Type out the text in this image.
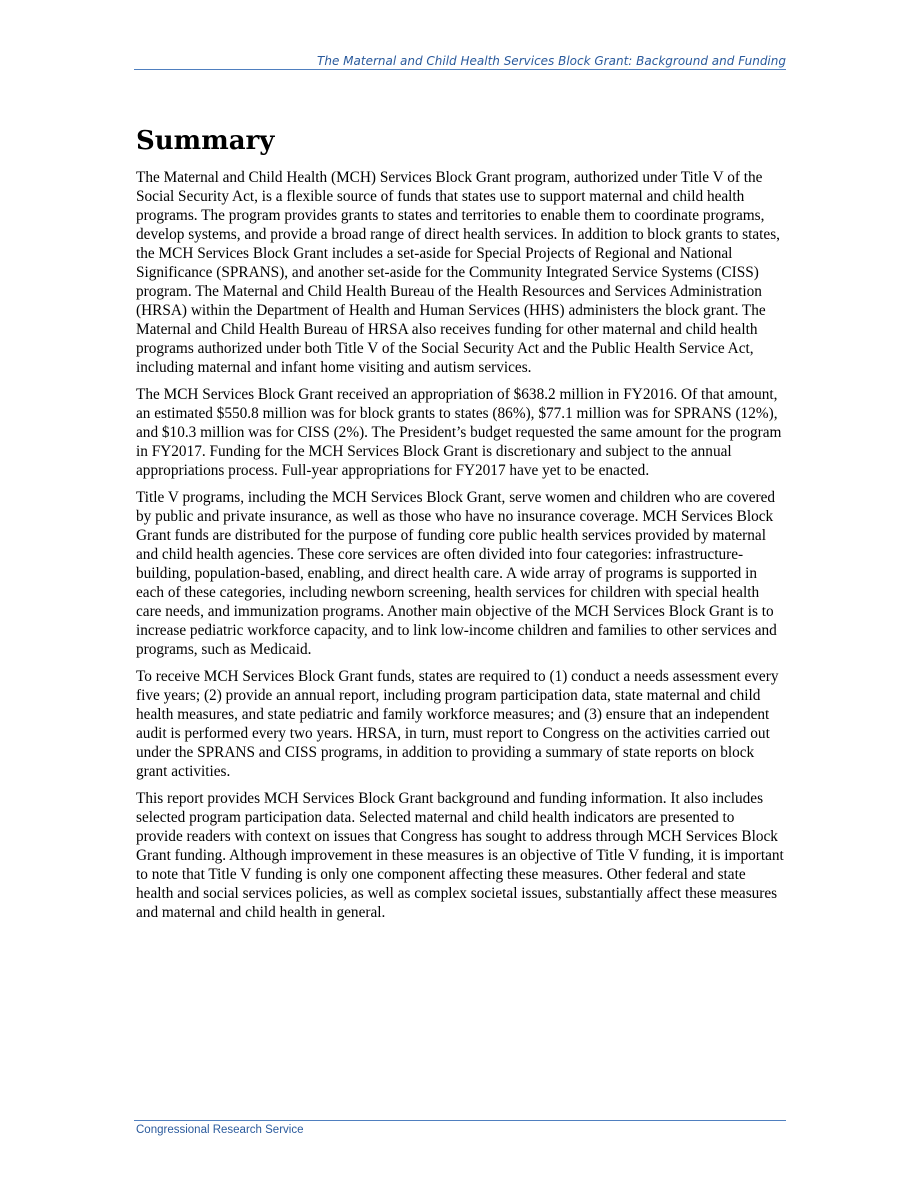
The Maternal and Child Health Services Block Grant: Background and Funding
Summary

The Maternal and Child Health (MCH) Services Block Grant program, authorized under Title V of the Social Security Act, is a flexible source of funds that states use to support maternal and child health programs. The program provides grants to states and territories to enable them to coordinate programs, develop systems, and provide a broad range of direct health services. In addition to block grants to states, the MCH Services Block Grant includes a set-aside for Special Projects of Regional and National Significance (SPRANS), and another set-aside for the Community Integrated Service Systems (CISS) program. The Maternal and Child Health Bureau of the Health Resources and Services Administration (HRSA) within the Department of Health and Human Services (HHS) administers the block grant. The Maternal and Child Health Bureau of HRSA also receives funding for other maternal and child health programs authorized under both Title V of the Social Security Act and the Public Health Service Act, including maternal and infant home visiting and autism services.

The MCH Services Block Grant received an appropriation of $638.2 million in FY2016. Of that amount, an estimated $550.8 million was for block grants to states (86%), $77.1 million was for SPRANS (12%), and $10.3 million was for CISS (2%). The President’s budget requested the same amount for the program in FY2017. Funding for the MCH Services Block Grant is discretionary and subject to the annual appropriations process. Full-year appropriations for FY2017 have yet to be enacted.

Title V programs, including the MCH Services Block Grant, serve women and children who are covered by public and private insurance, as well as those who have no insurance coverage. MCH Services Block Grant funds are distributed for the purpose of funding core public health services provided by maternal and child health agencies. These core services are often divided into four categories: infrastructure-building, population-based, enabling, and direct health care. A wide array of programs is supported in each of these categories, including newborn screening, health services for children with special health care needs, and immunization programs. Another main objective of the MCH Services Block Grant is to increase pediatric workforce capacity, and to link low-income children and families to other services and programs, such as Medicaid.

To receive MCH Services Block Grant funds, states are required to (1) conduct a needs assessment every five years; (2) provide an annual report, including program participation data, state maternal and child health measures, and state pediatric and family workforce measures; and (3) ensure that an independent audit is performed every two years. HRSA, in turn, must report to Congress on the activities carried out under the SPRANS and CISS programs, in addition to providing a summary of state reports on block grant activities.

This report provides MCH Services Block Grant background and funding information. It also includes selected program participation data. Selected maternal and child health indicators are presented to provide readers with context on issues that Congress has sought to address through MCH Services Block Grant funding. Although improvement in these measures is an objective of Title V funding, it is important to note that Title V funding is only one component affecting these measures. Other federal and state health and social services policies, as well as complex societal issues, substantially affect these measures and maternal and child health in general.

Congressional Research Service
